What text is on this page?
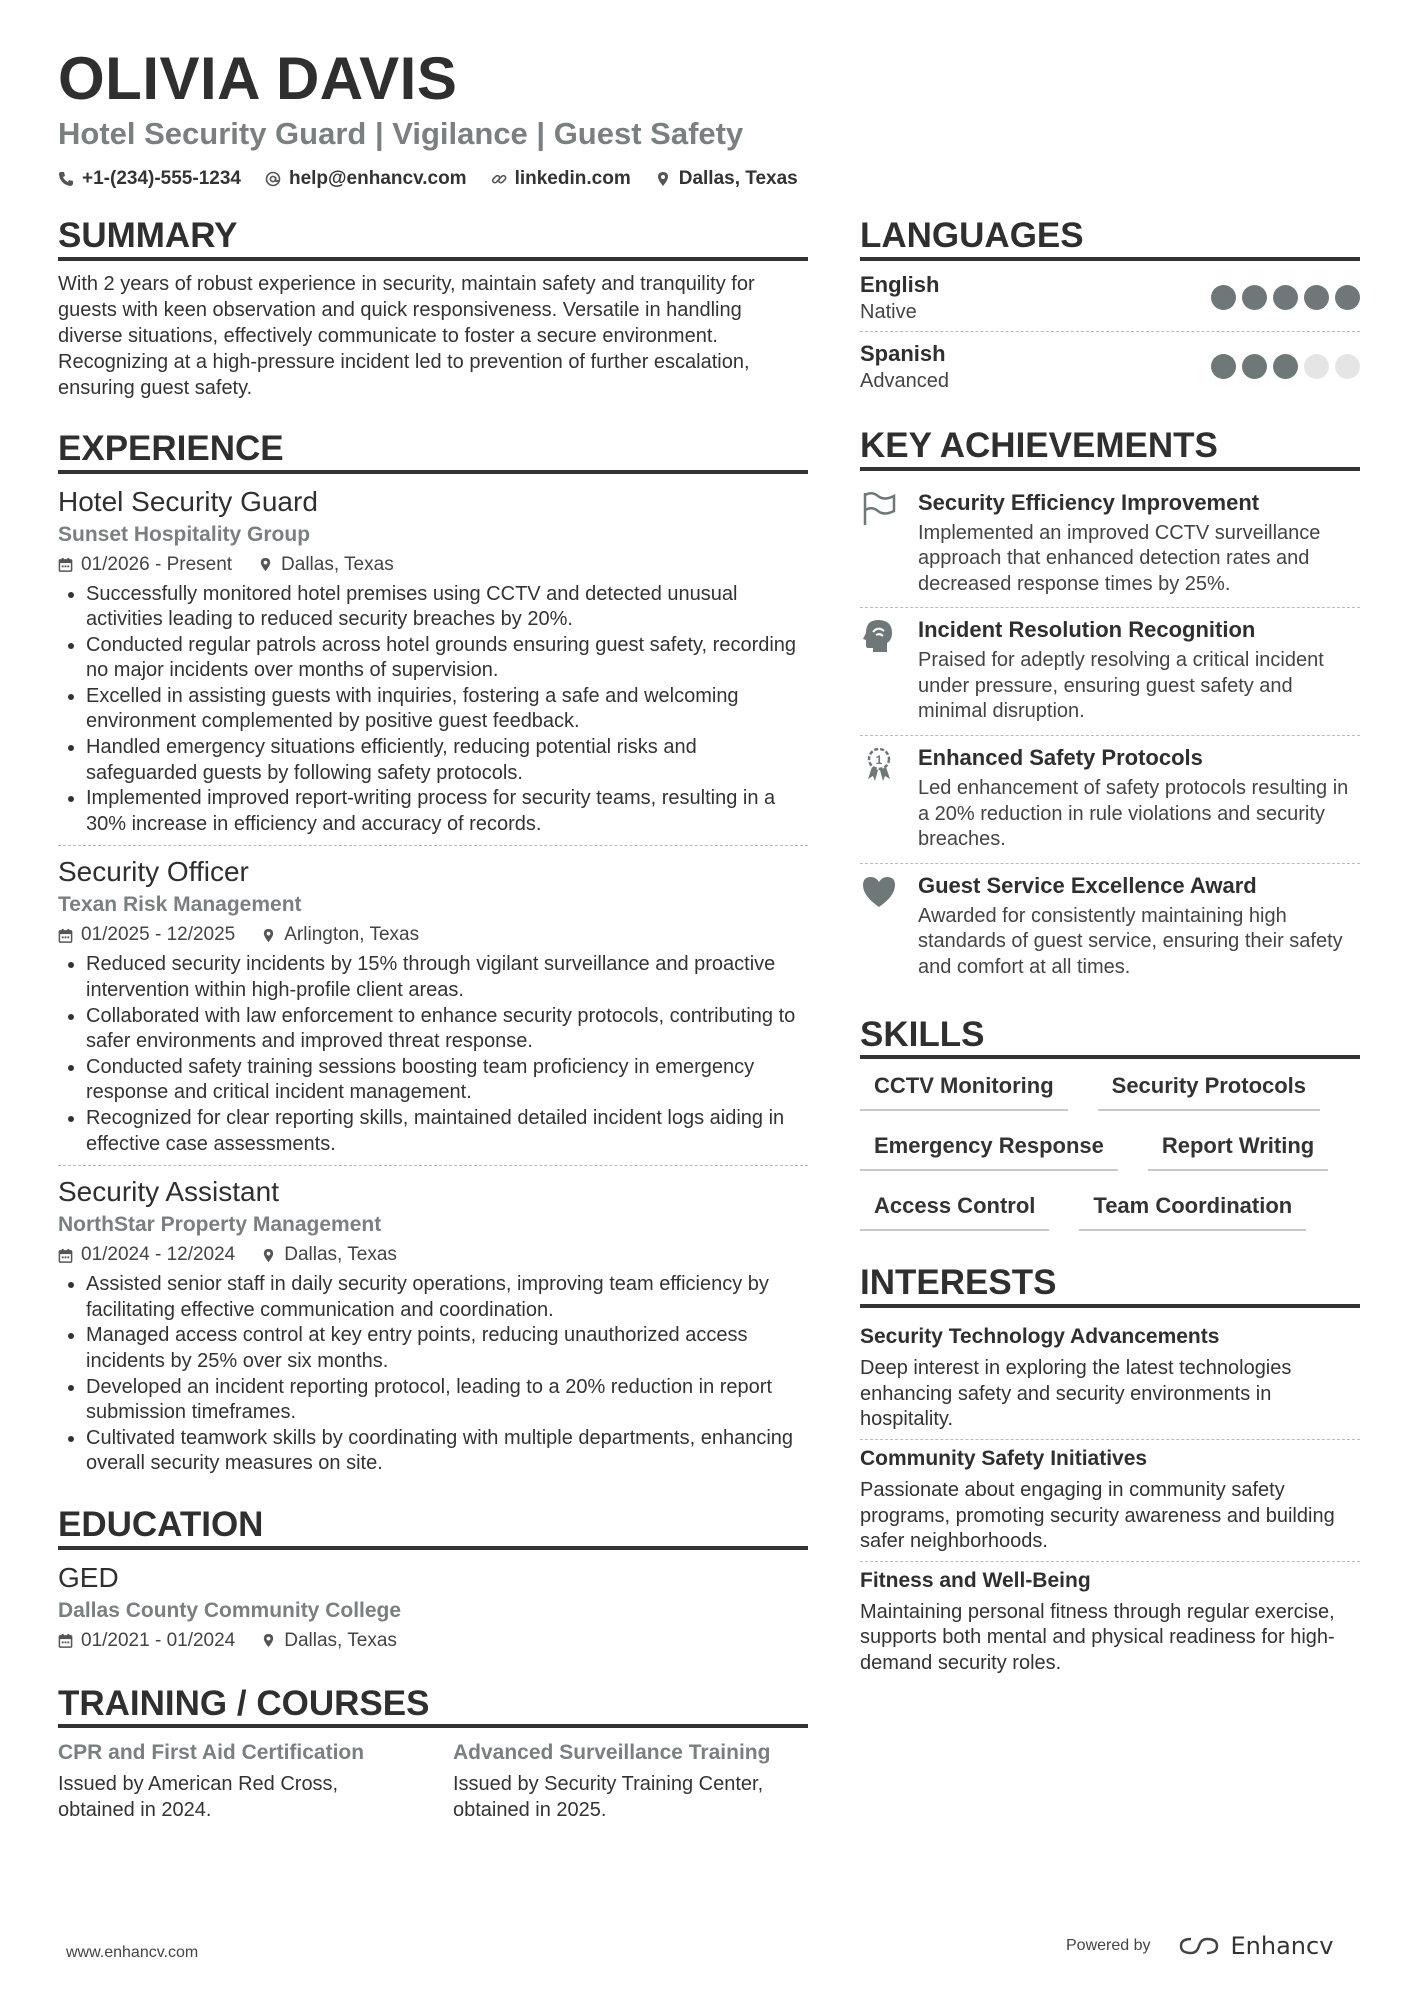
OLIVIA DAVIS
Hotel Security Guard | Vigilance | Guest Safety
+1-(234)-555-1234	help@enhancv.com	linkedin.com	Dallas, Texas
SUMMARY
With 2 years of robust experience in security, maintain safety and tranquility for guests with keen observation and quick responsiveness. Versatile in handling diverse situations, effectively communicate to foster a secure environment. Recognizing at a high-pressure incident led to prevention of further escalation, ensuring guest safety.
EXPERIENCE
Hotel Security Guard
Sunset Hospitality Group
01/2026 - Present	Dallas, Texas
• Successfully monitored hotel premises using CCTV and detected unusual activities leading to reduced security breaches by 20%.
• Conducted regular patrols across hotel grounds ensuring guest safety, recording no major incidents over months of supervision.
• Excelled in assisting guests with inquiries, fostering a safe and welcoming environment complemented by positive guest feedback.
• Handled emergency situations efficiently, reducing potential risks and safeguarded guests by following safety protocols.
• Implemented improved report-writing process for security teams, resulting in a 30% increase in efficiency and accuracy of records.
Security Officer
Texan Risk Management
01/2025 - 12/2025	Arlington, Texas
• Reduced security incidents by 15% through vigilant surveillance and proactive intervention within high-profile client areas.
• Collaborated with law enforcement to enhance security protocols, contributing to safer environments and improved threat response.
• Conducted safety training sessions boosting team proficiency in emergency response and critical incident management.
• Recognized for clear reporting skills, maintained detailed incident logs aiding in effective case assessments.
Security Assistant
NorthStar Property Management
01/2024 - 12/2024	Dallas, Texas
• Assisted senior staff in daily security operations, improving team efficiency by facilitating effective communication and coordination.
• Managed access control at key entry points, reducing unauthorized access incidents by 25% over six months.
• Developed an incident reporting protocol, leading to a 20% reduction in report submission timeframes.
• Cultivated teamwork skills by coordinating with multiple departments, enhancing overall security measures on site.
EDUCATION
GED
Dallas County Community College
01/2021 - 01/2024	Dallas, Texas
TRAINING / COURSES
CPR and First Aid Certification
Issued by American Red Cross, obtained in 2024.
Advanced Surveillance Training
Issued by Security Training Center, obtained in 2025.
LANGUAGES
English
Native
Spanish
Advanced
KEY ACHIEVEMENTS
Security Efficiency Improvement
Implemented an improved CCTV surveillance approach that enhanced detection rates and decreased response times by 25%.
Incident Resolution Recognition
Praised for adeptly resolving a critical incident under pressure, ensuring guest safety and minimal disruption.
1 Enhanced Safety Protocols
Led enhancement of safety protocols resulting in a 20% reduction in rule violations and security breaches.
Guest Service Excellence Award
Awarded for consistently maintaining high standards of guest service, ensuring their safety and comfort at all times.
SKILLS
CCTV Monitoring	Security Protocols
Emergency Response	Report Writing
Access Control	Team Coordination
INTERESTS
Security Technology Advancements
Deep interest in exploring the latest technologies enhancing safety and security environments in hospitality.
Community Safety Initiatives
Passionate about engaging in community safety programs, promoting security awareness and building safer neighborhoods.
Fitness and Well-Being
Maintaining personal fitness through regular exercise, supports both mental and physical readiness for high-demand security roles.
www.enhancv.com	Powered by	Enhancv
